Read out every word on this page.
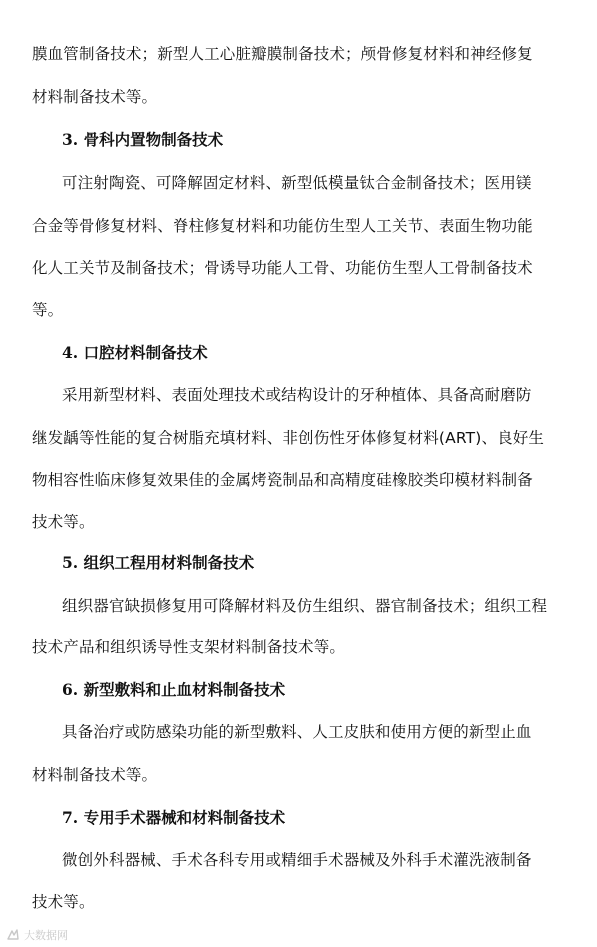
膜血管制备技术；新型人工心脏瓣膜制备技术；颅骨修复材料和神经修复
材料制备技术等。
3. 骨科内置物制备技术
可注射陶瓷、可降解固定材料、新型低模量钛合金制备技术；医用镁
合金等骨修复材料、脊柱修复材料和功能仿生型人工关节、表面生物功能
化人工关节及制备技术；骨诱导功能人工骨、功能仿生型人工骨制备技术
等。
4. 口腔材料制备技术
采用新型材料、表面处理技术或结构设计的牙种植体、具备高耐磨防
继发龋等性能的复合树脂充填材料、非创伤性牙体修复材料(ART)、良好生
物相容性临床修复效果佳的金属烤瓷制品和高精度硅橡胶类印模材料制备
技术等。
5. 组织工程用材料制备技术
组织器官缺损修复用可降解材料及仿生组织、器官制备技术；组织工程
技术产品和组织诱导性支架材料制备技术等。
6. 新型敷料和止血材料制备技术
具备治疗或防感染功能的新型敷料、人工皮肤和使用方便的新型止血
材料制备技术等。
7. 专用手术器械和材料制备技术
微创外科器械、手术各科专用或精细手术器械及外科手术灌洗液制备
技术等。
大数据网
